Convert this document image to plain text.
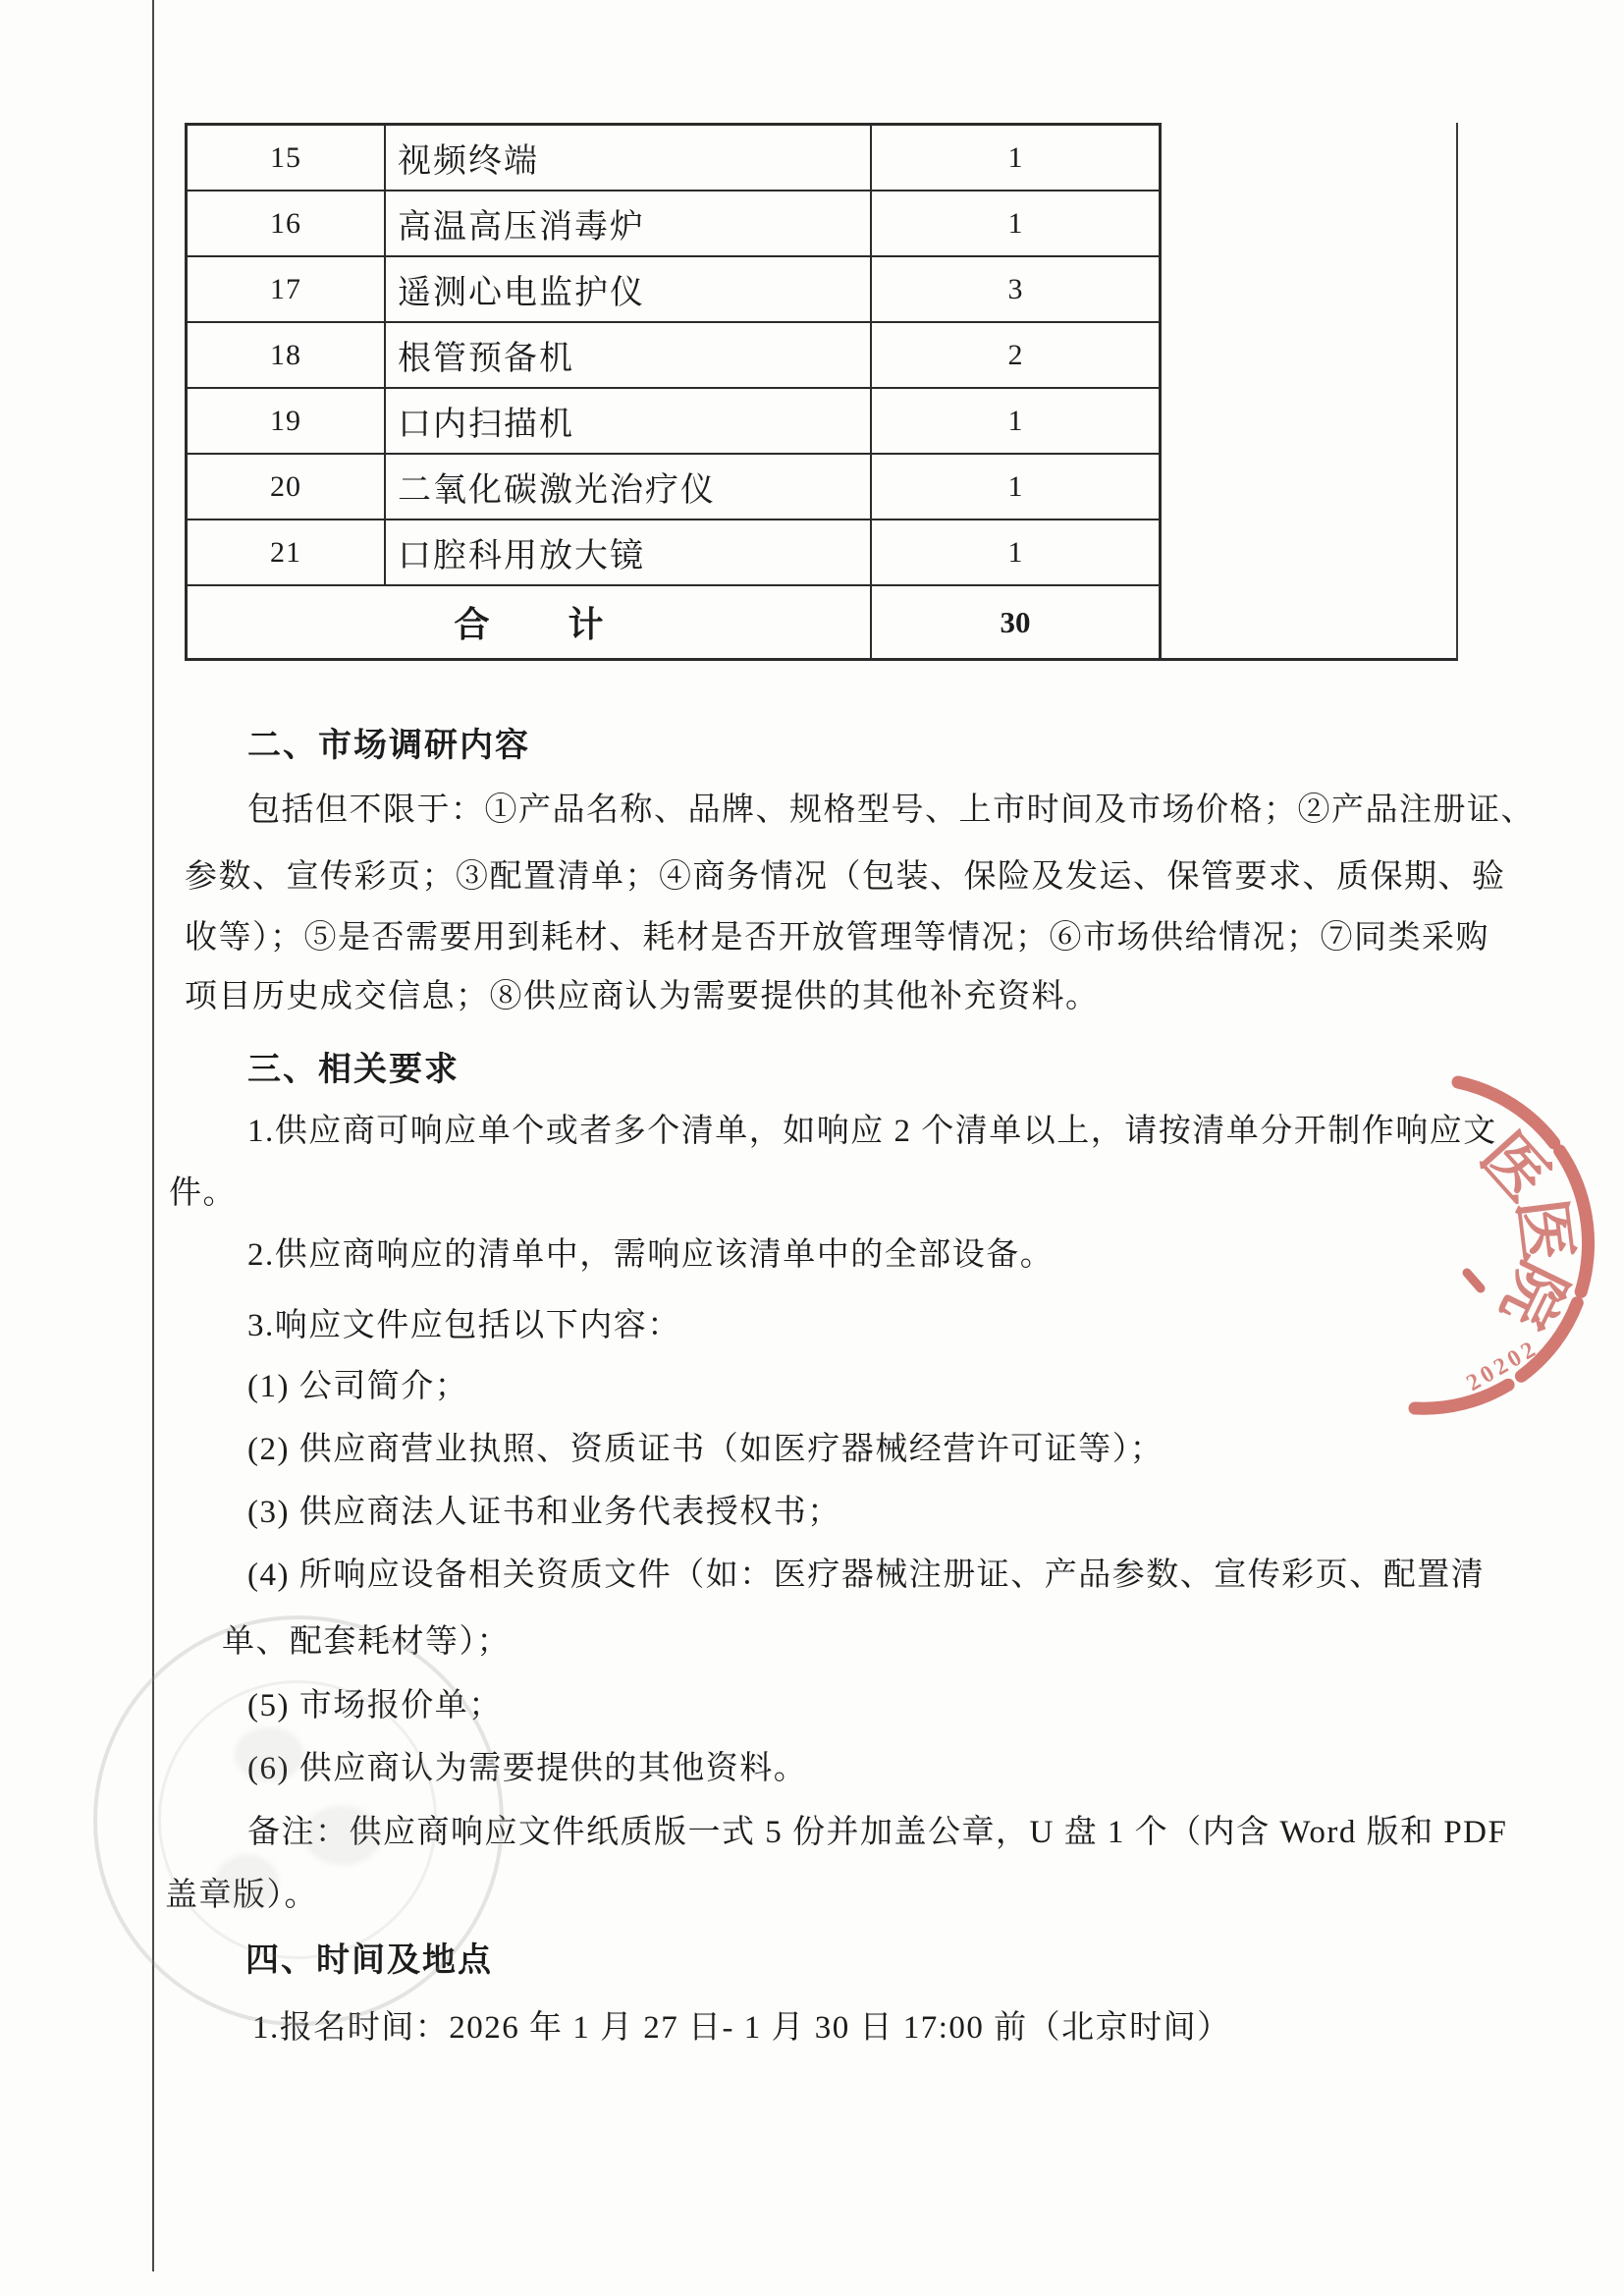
15	视频终端	1
16	高温高压消毒炉	1
17	遥测心电监护仪	3
18	根管预备机	2
19	口内扫描机	1
20	二氧化碳激光治疗仪	1
21	口腔科用放大镜	1
合 计	30
二、市场调研内容
包括但不限于：①产品名称、品牌、规格型号、上市时间及市场价格；②产品注册证、
参数、宣传彩页；③配置清单；④商务情况（包装、保险及发运、保管要求、质保期、验
收等）；⑤是否需要用到耗材、耗材是否开放管理等情况；⑥市场供给情况；⑦同类采购
项目历史成交信息；⑧供应商认为需要提供的其他补充资料。
三、相关要求
1.供应商可响应单个或者多个清单，如响应 2 个清单以上，请按清单分开制作响应文
件。
2.供应商响应的清单中，需响应该清单中的全部设备。
3.响应文件应包括以下内容：
(1) 公司简介；
(2) 供应商营业执照、资质证书（如医疗器械经营许可证等）；
(3) 供应商法人证书和业务代表授权书；
(4) 所响应设备相关资质文件（如：医疗器械注册证、产品参数、宣传彩页、配置清
单、配套耗材等）；
(5) 市场报价单；
(6) 供应商认为需要提供的其他资料。
备注：供应商响应文件纸质版一式 5 份并加盖公章，U 盘 1 个（内含 Word 版和 PDF
盖章版）。
四、时间及地点
1.报名时间：2026 年 1 月 27 日- 1 月 30 日 17:00 前（北京时间）
医
医
院
20202
